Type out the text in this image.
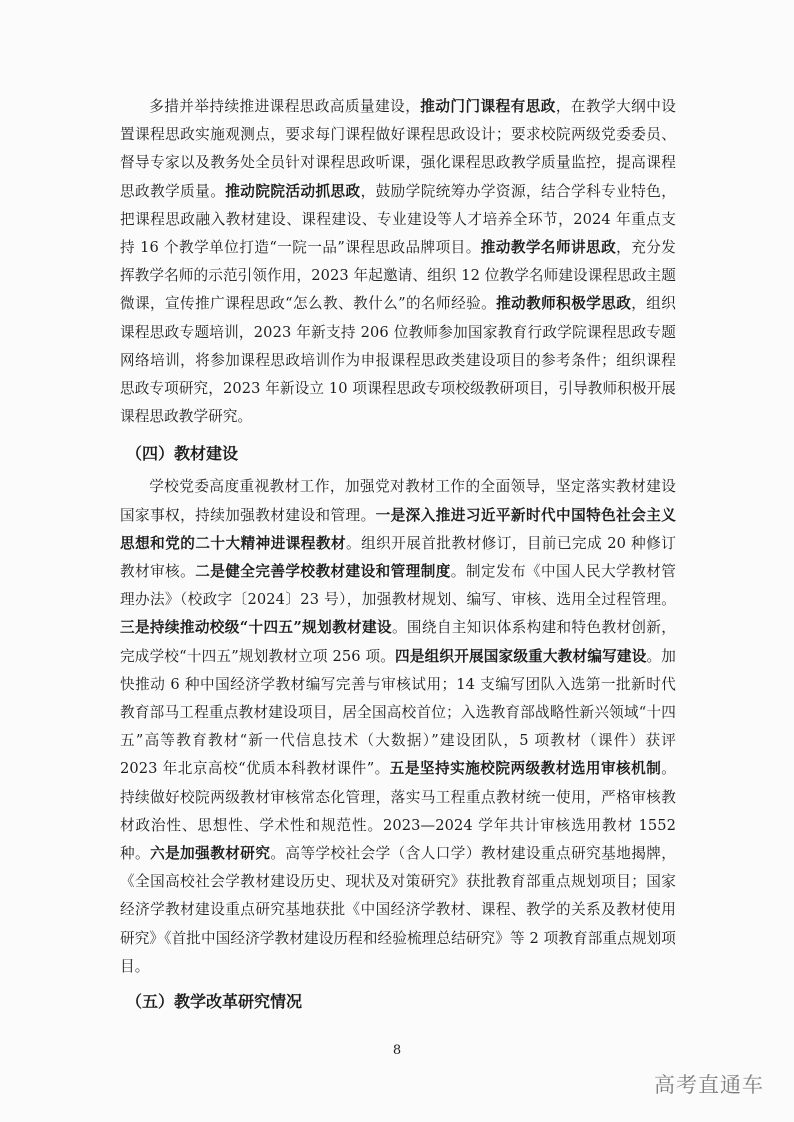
多措并举持续推进课程思政高质量建设，推动门门课程有思政，在教学大纲中设置课程思政实施观测点，要求每门课程做好课程思政设计；要求校院两级党委委员、督导专家以及教务处全员针对课程思政听课，强化课程思政教学质量监控，提高课程思政教学质量。推动院院活动抓思政，鼓励学院统筹办学资源，结合学科专业特色，把课程思政融入教材建设、课程建设、专业建设等人才培养全环节，2024 年重点支持 16 个教学单位打造“一院一品”课程思政品牌项目。推动教学名师讲思政，充分发挥教学名师的示范引领作用，2023 年起邀请、组织 12 位教学名师建设课程思政主题微课，宣传推广课程思政“怎么教、教什么”的名师经验。推动教师积极学思政，组织课程思政专题培训，2023 年新支持 206 位教师参加国家教育行政学院课程思政专题网络培训，将参加课程思政培训作为申报课程思政类建设项目的参考条件；组织课程思政专项研究，2023 年新设立 10 项课程思政专项校级教研项目，引导教师积极开展课程思政教学研究。

（四）教材建设

学校党委高度重视教材工作，加强党对教材工作的全面领导，坚定落实教材建设国家事权，持续加强教材建设和管理。一是深入推进习近平新时代中国特色社会主义思想和党的二十大精神进课程教材。组织开展首批教材修订，目前已完成 20 种修订教材审核。二是健全完善学校教材建设和管理制度。制定发布《中国人民大学教材管理办法》（校政字〔2024〕23 号），加强教材规划、编写、审核、选用全过程管理。三是持续推动校级“十四五”规划教材建设。围绕自主知识体系构建和特色教材创新，完成学校“十四五”规划教材立项 256 项。四是组织开展国家级重大教材编写建设。加快推动 6 种中国经济学教材编写完善与审核试用；14 支编写团队入选第一批新时代教育部马工程重点教材建设项目，居全国高校首位；入选教育部战略性新兴领域“十四五”高等教育教材“新一代信息技术（大数据）”建设团队，5 项教材（课件）获评 2023 年北京高校“优质本科教材课件”。五是坚持实施校院两级教材选用审核机制。持续做好校院两级教材审核常态化管理，落实马工程重点教材统一使用，严格审核教材政治性、思想性、学术性和规范性。2023—2024 学年共计审核选用教材 1552 种。六是加强教材研究。高等学校社会学（含人口学）教材建设重点研究基地揭牌，《全国高校社会学教材建设历史、现状及对策研究》获批教育部重点规划项目；国家经济学教材建设重点研究基地获批《中国经济学教材、课程、教学的关系及教材使用研究》《首批中国经济学教材建设历程和经验梳理总结研究》等 2 项教育部重点规划项目。

（五）教学改革研究情况
8
高考直通车
